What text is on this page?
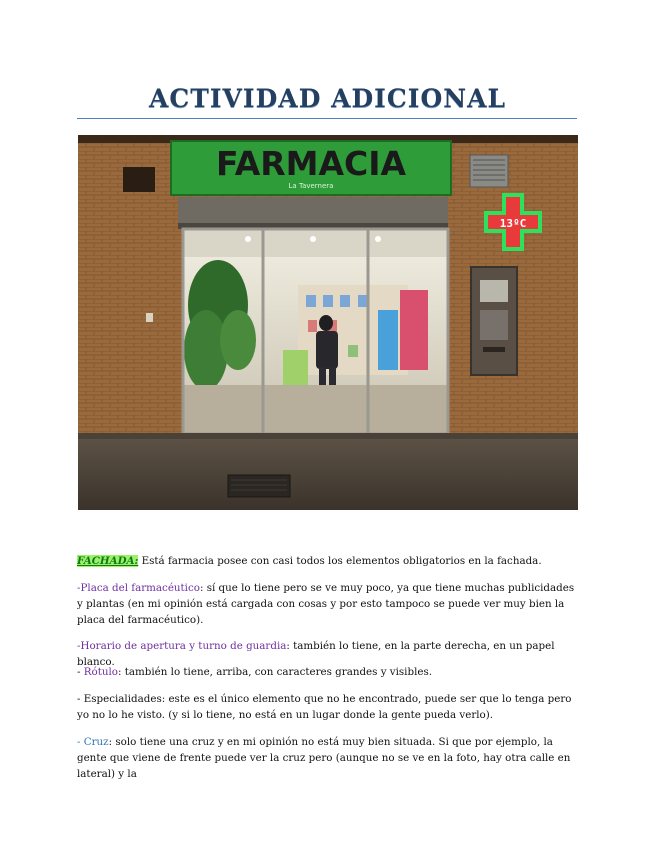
ACTIVIDAD ADICIONAL
FARMACIA
La Tavernera
13ºC
FACHADA: Está farmacia posee con casi todos los elementos obligatorios en la fachada.
-Placa del farmacéutico: sí que lo tiene pero se ve muy poco, ya que tiene muchas publicidades y plantas (en mi opinión está cargada con cosas y por esto tampoco se puede ver muy bien la placa del farmacéutico).
-Horario de apertura y turno de guardia: también lo tiene, en la parte derecha, en un papel blanco.
- Rótulo: también lo tiene, arriba, con caracteres grandes y visibles.
- Especialidades: este es el único elemento que no he encontrado, puede ser que lo tenga pero yo no lo he visto. (y si lo tiene, no está en un lugar donde la gente pueda verlo).
- Cruz: solo tiene una cruz y en mi opinión no está muy bien situada. Si que por ejemplo, la gente que viene de frente puede ver la cruz pero (aunque no se ve en la foto, hay otra calle en lateral) y la
